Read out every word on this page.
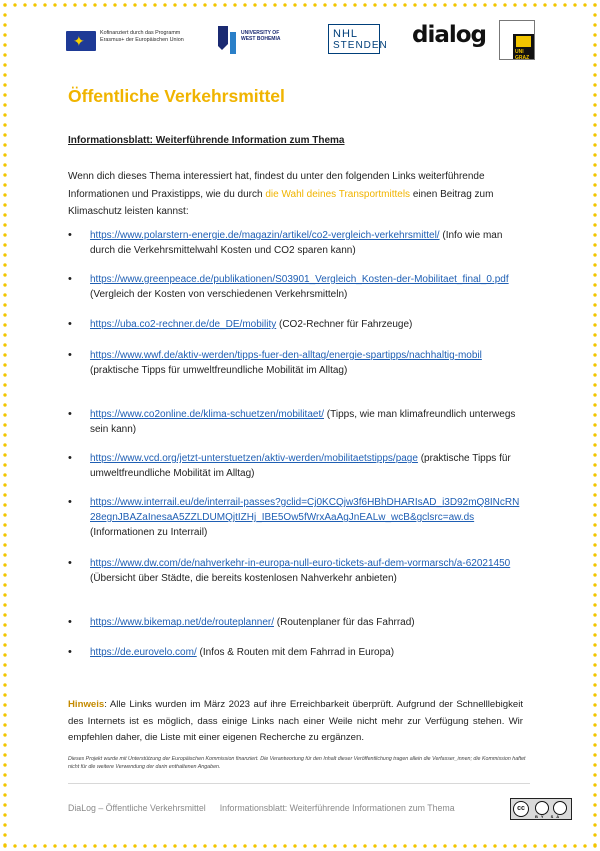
✦	Kofinanziert durch das Programm Erasmus+ der Europäischen Union
UNIVERSITY OF WEST BOHEMIA	NHL
STENDEN dialog
UNI GRAZ
Öffentliche Verkehrsmittel
Informationsblatt: Weiterführende Information zum Thema
Wenn dich dieses Thema interessiert hat, findest du unter den folgenden Links weiterführende Informationen und Praxistipps, wie du durch die Wahl deines Transportmittels einen Beitrag zum Klimaschutz leisten kannst:
• https://www.polarstern-energie.de/magazin/artikel/co2-vergleich-verkehrsmittel/ (Info wie man durch die Verkehrsmittelwahl Kosten und CO2 sparen kann)
• https://www.greenpeace.de/publikationen/S03901_Vergleich_Kosten-der-Mobilitaet_final_0.pdf (Vergleich der Kosten von verschiedenen Verkehrsmitteln)
• https://uba.co2-rechner.de/de_DE/mobility (CO2-Rechner für Fahrzeuge)
• https://www.wwf.de/aktiv-werden/tipps-fuer-den-alltag/energie-spartipps/nachhaltig-mobil (praktische Tipps für umweltfreundliche Mobilität im Alltag)
• https://www.co2online.de/klima-schuetzen/mobilitaet/ (Tipps, wie man klimafreundlich unterwegs sein kann)
• https://www.vcd.org/jetzt-unterstuetzen/aktiv-werden/mobilitaetstipps/page (praktische Tipps für umweltfreundliche Mobilität im Alltag)
• https://www.interrail.eu/de/interrail-passes?gclid=Cj0KCQjw3f6HBhDHARIsAD_i3D92mQ8INcRN28egnJBAZaInesaA5ZZLDUMQjtIZHj_IBE5Ow5fWrxAaAgJnEALw_wcB&gclsrc=aw.ds (Informationen zu Interrail)
• https://www.dw.com/de/nahverkehr-in-europa-null-euro-tickets-auf-dem-vormarsch/a-62021450 (Übersicht über Städte, die bereits kostenlosen Nahverkehr anbieten)
• https://www.bikemap.net/de/routeplanner/ (Routenplaner für das Fahrrad)
• https://de.eurovelo.com/ (Infos & Routen mit dem Fahrrad in Europa)
Hinweis: Alle Links wurden im März 2023 auf ihre Erreichbarkeit überprüft. Aufgrund der Schnelllebigkeit des Internets ist es möglich, dass einige Links nach einer Weile nicht mehr zur Verfügung stehen. Wir empfehlen daher, die Liste mit einer eigenen Recherche zu ergänzen.
Dieses Projekt wurde mit Unterstützung der Europäischen Kommission finanziert. Die Verantwortung für den Inhalt dieser Veröffentlichung tragen allein die Verfasser_innen; die Kommission haftet nicht für die weitere Verwendung der darin enthaltenen Angaben.
DiaLog – Öffentliche Verkehrsmittel Informationsblatt: Weiterführende Informationen zum Thema	cc
BY SA
